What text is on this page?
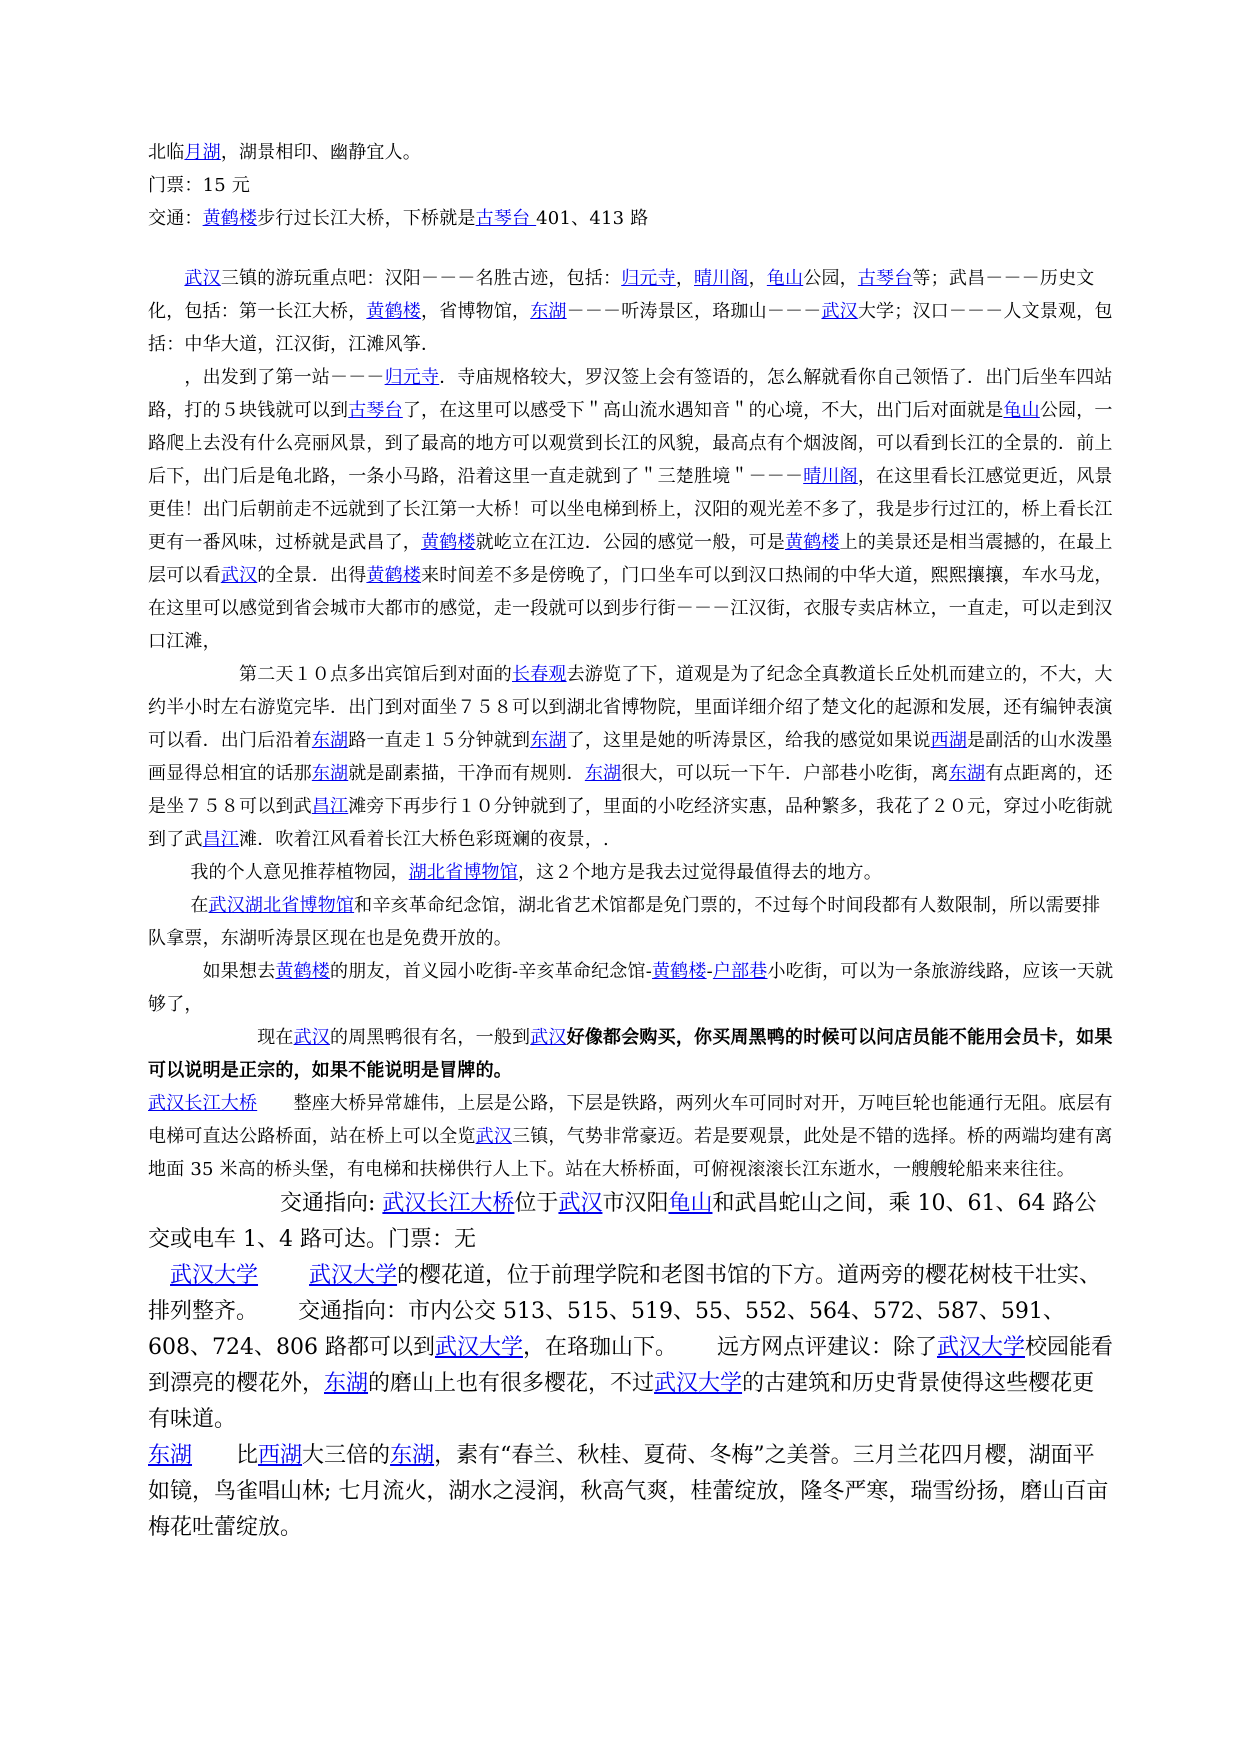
北临月湖，湖景相印、幽静宜人。

门票：15 元

交通：黄鹤楼步行过长江大桥，下桥就是古琴台 401、413 路

　　武汉三镇的游玩重点吧：汉阳－－－名胜古迹，包括：归元寺，晴川阁，龟山公园，古琴台等；武昌－－－历史文化，包括：第一长江大桥，黄鹤楼，省博物馆，东湖－－－听涛景区，珞珈山－－－武汉大学；汉口－－－人文景观，包括：中华大道，江汉街，江滩风筝．

　　，出发到了第一站－－－归元寺．寺庙规格较大，罗汉签上会有签语的，怎么解就看你自己领悟了．出门后坐车四站路，打的５块钱就可以到古琴台了，在这里可以感受下＂高山流水遇知音＂的心境，不大，出门后对面就是龟山公园，一路爬上去没有什么亮丽风景，到了最高的地方可以观赏到长江的风貌，最高点有个烟波阁，可以看到长江的全景的．前上后下，出门后是龟北路，一条小马路，沿着这里一直走就到了＂三楚胜境＂－－－晴川阁，在这里看长江感觉更近，风景更佳！出门后朝前走不远就到了长江第一大桥！可以坐电梯到桥上，汉阳的观光差不多了，我是步行过江的，桥上看长江更有一番风味，过桥就是武昌了，黄鹤楼就屹立在江边．公园的感觉一般，可是黄鹤楼上的美景还是相当震撼的，在最上层可以看武汉的全景．出得黄鹤楼来时间差不多是傍晚了，门口坐车可以到汉口热闹的中华大道，熙熙攘攘，车水马龙，在这里可以感觉到省会城市大都市的感觉，走一段就可以到步行街－－－江汉街，衣服专卖店林立，一直走，可以走到汉口江滩，

　　　　　第二天１０点多出宾馆后到对面的长春观去游览了下，道观是为了纪念全真教道长丘处机而建立的，不大，大约半小时左右游览完毕．出门到对面坐７５８可以到湖北省博物院，里面详细介绍了楚文化的起源和发展，还有编钟表演可以看．出门后沿着东湖路一直走１５分钟就到东湖了，这里是她的听涛景区，给我的感觉如果说西湖是副活的山水泼墨画显得总相宜的话那东湖就是副素描，干净而有规则．东湖很大，可以玩一下午．户部巷小吃街，离东湖有点距离的，还是坐７５８可以到武昌江滩旁下再步行１０分钟就到了，里面的小吃经济实惠，品种繁多，我花了２０元，穿过小吃街就到了武昌江滩．吹着江风看着长江大桥色彩斑斓的夜景，.

　　 我的个人意见推荐植物园，湖北省博物馆，这２个地方是我去过觉得最值得去的地方。

　　 在武汉湖北省博物馆和辛亥革命纪念馆，湖北省艺术馆都是免门票的，不过每个时间段都有人数限制，所以需要排队拿票，东湖听涛景区现在也是免费开放的。

　　　如果想去黄鹤楼的朋友，首义园小吃街-辛亥革命纪念馆-黄鹤楼-户部巷小吃街，可以为一条旅游线路，应该一天就够了，

　　　　　　现在武汉的周黑鸭很有名，一般到武汉好像都会购买，你买周黑鸭的时候可以问店员能不能用会员卡，如果可以说明是正宗的，如果不能说明是冒牌的。

武汉长江大桥　　整座大桥异常雄伟，上层是公路，下层是铁路，两列火车可同时对开，万吨巨轮也能通行无阻。底层有电梯可直达公路桥面，站在桥上可以全览武汉三镇，气势非常豪迈。若是要观景，此处是不错的选择。桥的两端均建有离地面 35 米高的桥头堡，有电梯和扶梯供行人上下。站在大桥桥面，可俯视滚滚长江东逝水，一艘艘轮船来来往往。

　　　　　　交通指向: 武汉长江大桥位于武汉市汉阳龟山和武昌蛇山之间，乘 10、61、64 路公交或电车 1、4 路可达。门票：无

　武汉大学　　 武汉大学的樱花道，位于前理学院和老图书馆的下方。道两旁的樱花树枝干壮实、排列整齐。　　 交通指向：市内公交 513、515、519、55、552、564、572、587、591、608、724、806 路都可以到武汉大学，在珞珈山下。　　 远方网点评建议：除了武汉大学校园能看到漂亮的樱花外，东湖的磨山上也有很多樱花，不过武汉大学的古建筑和历史背景使得这些樱花更有味道。

东湖　　比西湖大三倍的东湖，素有“春兰、秋桂、夏荷、冬梅”之美誉。三月兰花四月樱，湖面平如镜，鸟雀唱山林; 七月流火，湖水之浸润，秋高气爽，桂蕾绽放，隆冬严寒，瑞雪纷扬，磨山百亩梅花吐蕾绽放。
